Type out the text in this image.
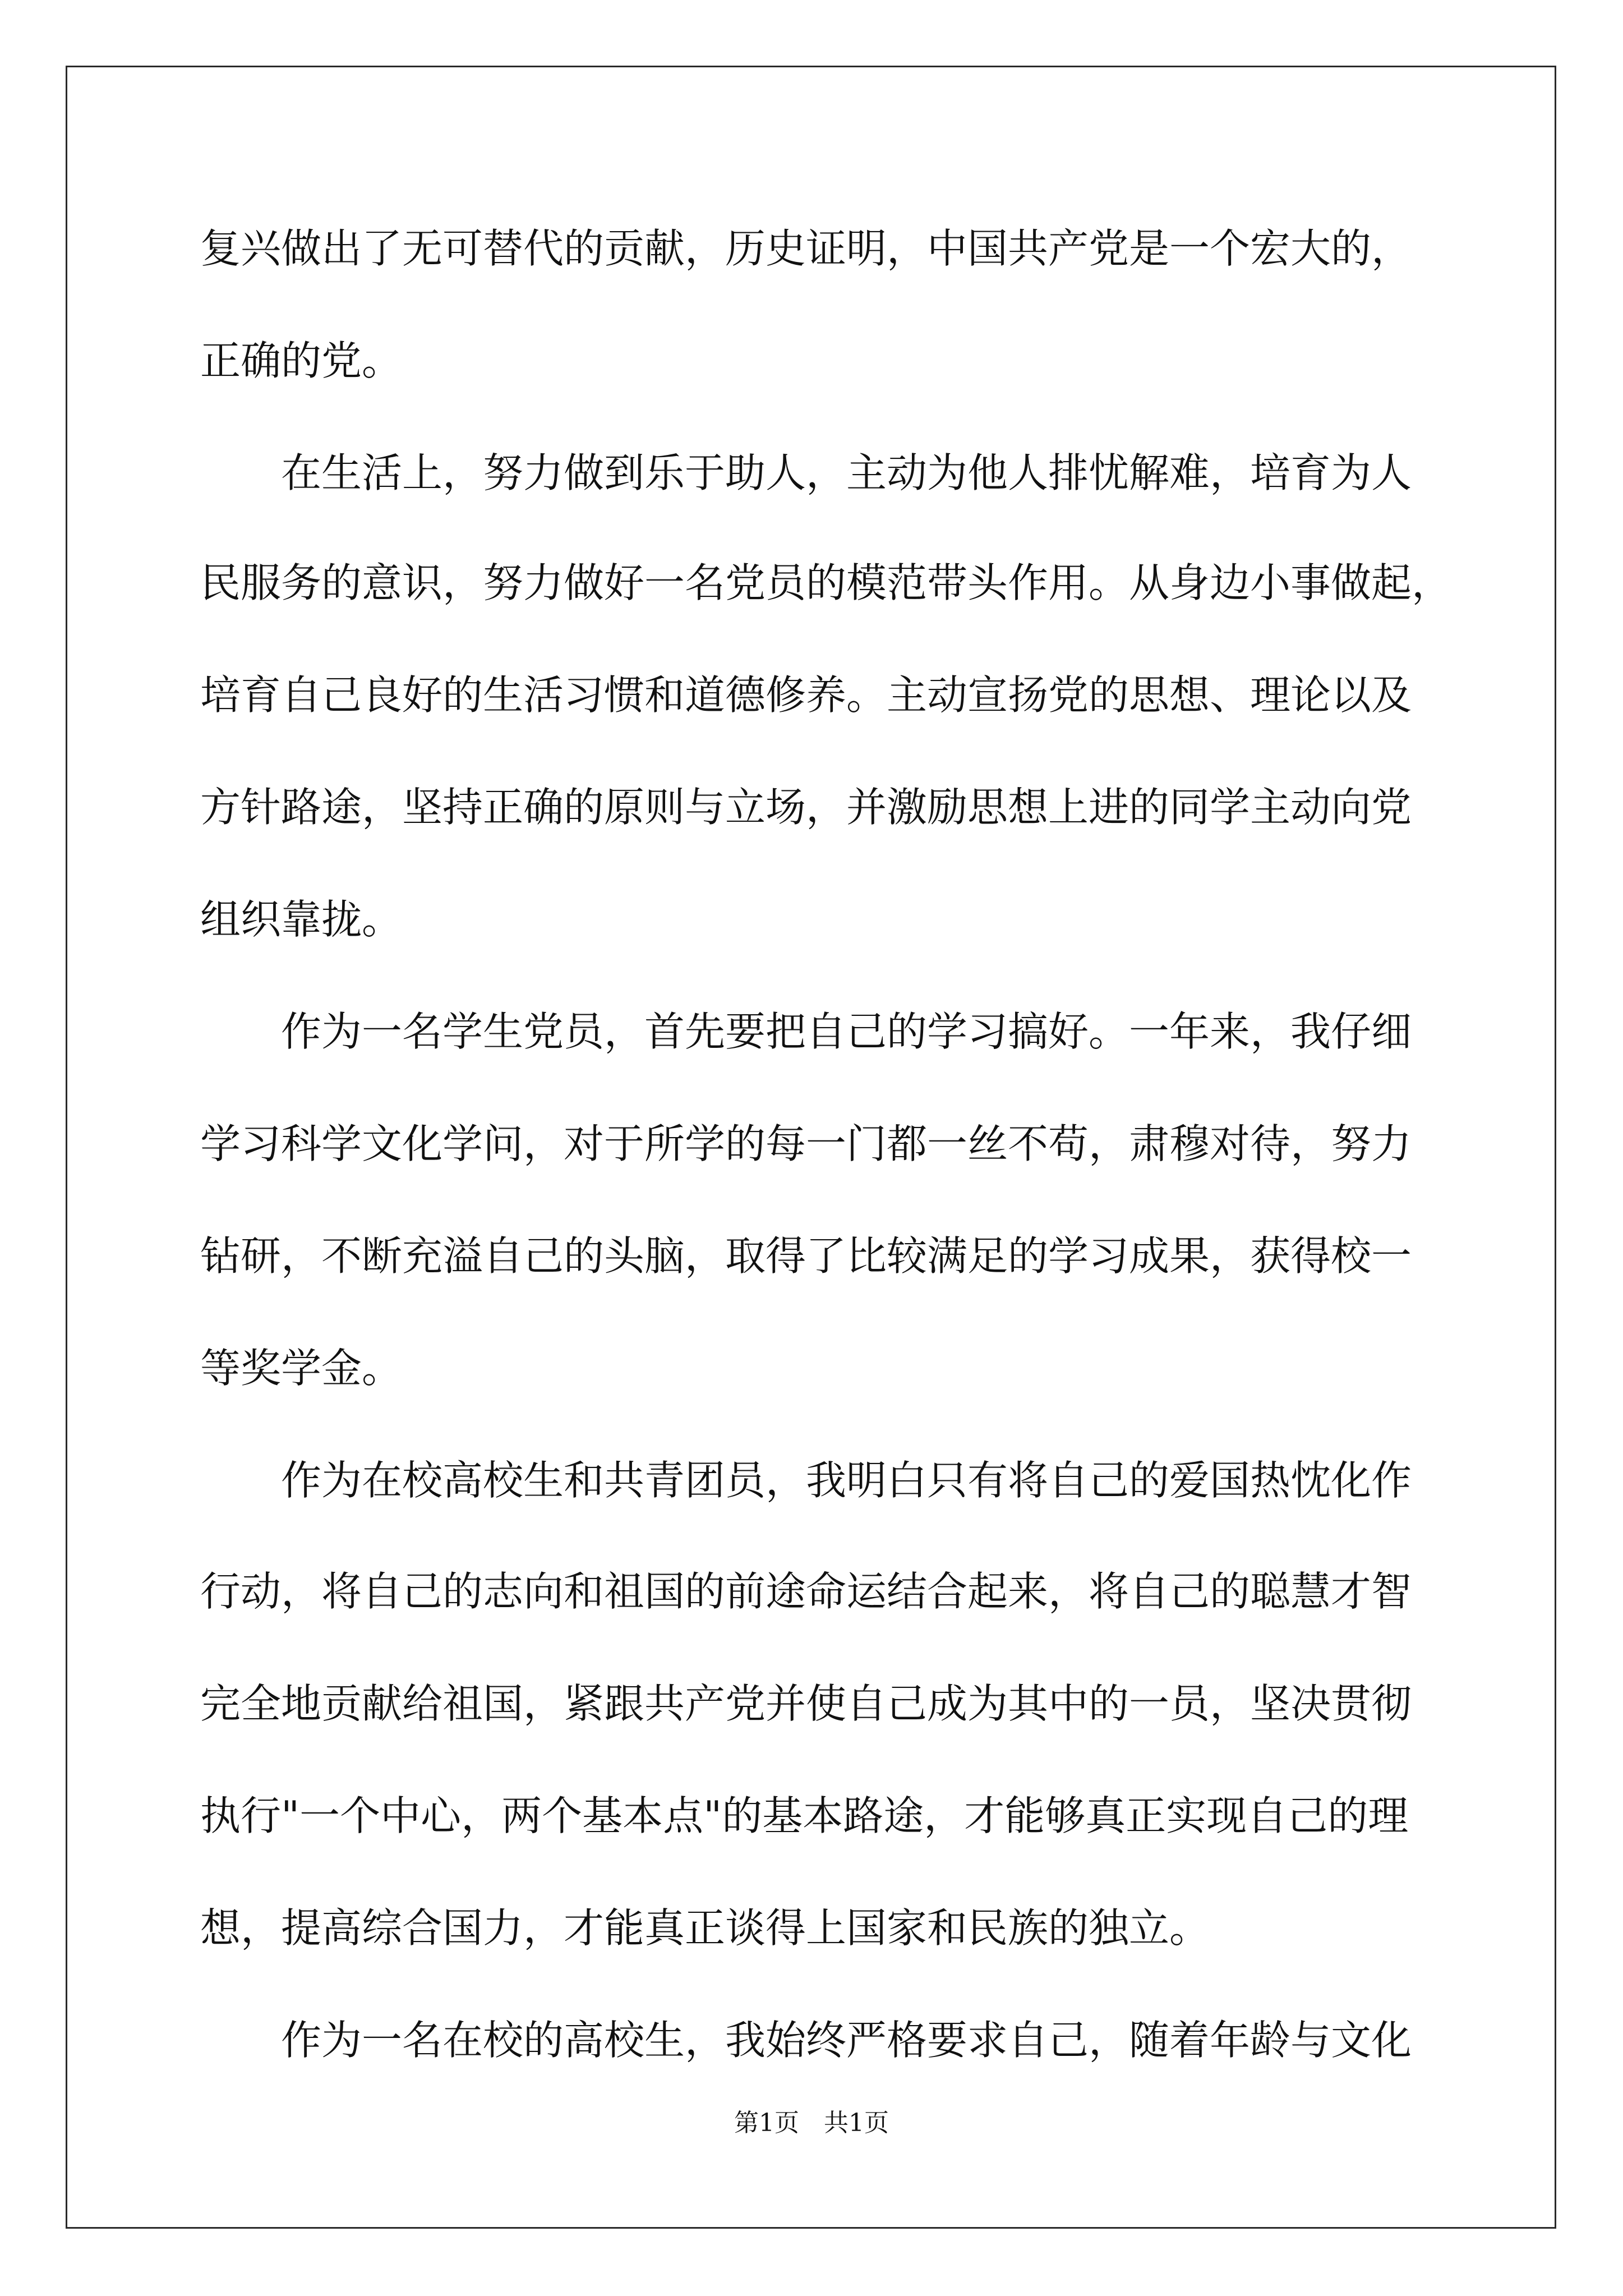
复兴做出了无可替代的贡献，历史证明，中国共产党是一个宏大的，
正确的党。
在生活上，努力做到乐于助人，主动为他人排忧解难，培育为人
民服务的意识，努力做好一名党员的模范带头作用。从身边小事做起，
培育自己良好的生活习惯和道德修养。主动宣扬党的思想、理论以及
方针路途，坚持正确的原则与立场，并激励思想上进的同学主动向党
组织靠拢。
作为一名学生党员，首先要把自己的学习搞好。一年来，我仔细
学习科学文化学问，对于所学的每一门都一丝不苟，肃穆对待，努力
钻研，不断充溢自己的头脑，取得了比较满足的学习成果，获得校一
等奖学金。
作为在校高校生和共青团员，我明白只有将自己的爱国热忱化作
行动，将自己的志向和祖国的前途命运结合起来，将自己的聪慧才智
完全地贡献给祖国，紧跟共产党并使自己成为其中的一员，坚决贯彻
执行"一个中心，两个基本点"的基本路途，才能够真正实现自己的理
想，提高综合国力，才能真正谈得上国家和民族的独立。
作为一名在校的高校生，我始终严格要求自己，随着年龄与文化
第1页　共1页
